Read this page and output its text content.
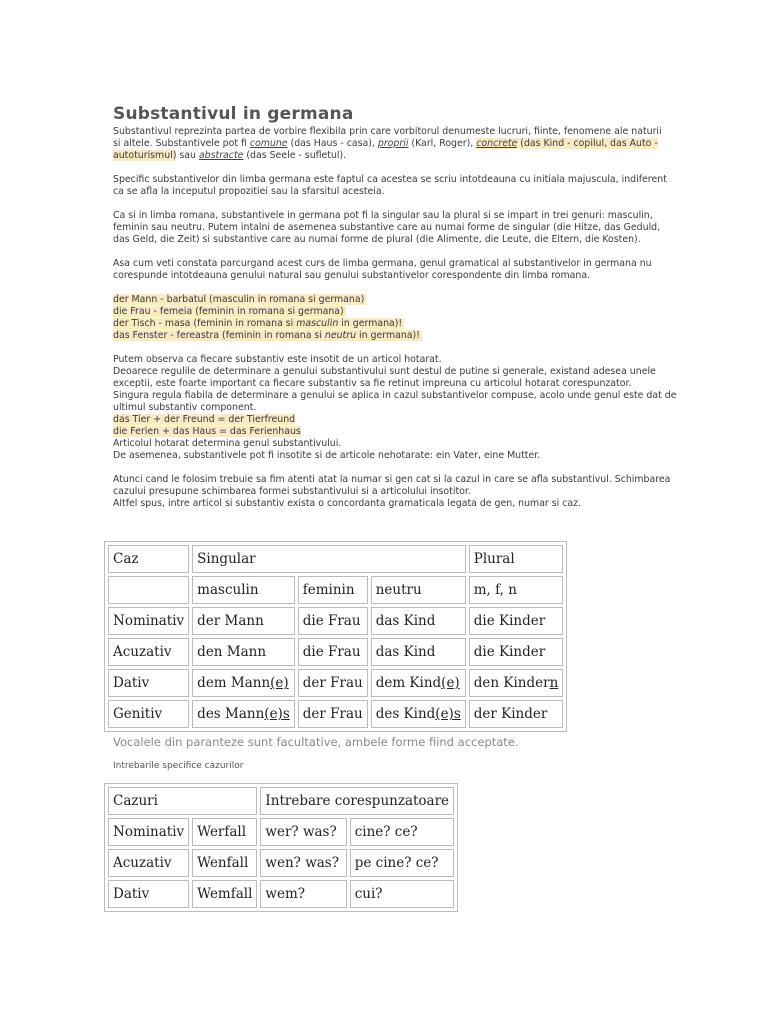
Substantivul in germana
Substantivul reprezinta partea de vorbire flexibila prin care vorbitorul denumeste lucruri, fiinte, fenomene ale naturii
si altele. Substantivele pot fi comune (das Haus - casa), proprii (Karl, Roger), concrete (das Kind - copilul, das Auto -
autoturismul) sau abstracte (das Seele - sufletul).
Specific substantivelor din limba germana este faptul ca acestea se scriu intotdeauna cu initiala majuscula, indiferent
ca se afla la inceputul propozitiei sau la sfarsitul acesteia.
Ca si in limba romana, substantivele in germana pot fi la singular sau la plural si se impart in trei genuri: masculin,
feminin sau neutru. Putem intalni de asemenea substantive care au numai forme de singular (die Hitze, das Geduld,
das Geld, die Zeit) si substantive care au numai forme de plural (die Alimente, die Leute, die Eltern, die Kosten).
Asa cum veti constata parcurgand acest curs de limba germana, genul gramatical al substantivelor in germana nu
corespunde intotdeauna genului natural sau genului substantivelor corespondente din limba romana.
der Mann - barbatul (masculin in romana si germana)
die Frau - femeia (feminin in romana si germana)
der Tisch - masa (feminin in romana si masculin in germana)!
das Fenster - fereastra (feminin in romana si neutru in germana)!
Putem observa ca fiecare substantiv este insotit de un articol hotarat.
Deoarece regulile de determinare a genului substantivului sunt destul de putine si generale, existand adesea unele
exceptii, este foarte important ca fiecare substantiv sa fie retinut impreuna cu articolul hotarat corespunzator.
Singura regula fiabila de determinare a genului se aplica in cazul substantivelor compuse, acolo unde genul este dat de
ultimul substantiv component.
das Tier + der Freund = der Tierfreund
die Ferien + das Haus = das Ferienhaus
Articolul hotarat determina genul substantivului.
De asemenea, substantivele pot fi insotite si de articole nehotarate: ein Vater, eine Mutter.
Atunci cand le folosim trebuie sa fim atenti atat la numar si gen cat si la cazul in care se afla substantivul. Schimbarea
cazului presupune schimbarea formei substantivului si a articolului insotitor.
Altfel spus, intre articol si substantiv exista o concordanta gramaticala legata de gen, numar si caz.
Caz	Singular			Plural
	masculin	feminin	neutru	m, f, n
Nominativ	der Mann	die Frau	das Kind	die Kinder
Acuzativ	den Mann	die Frau	das Kind	die Kinder
Dativ	dem Mann(e)	der Frau	dem Kind(e)	den Kindern
Genitiv	des Mann(e)s	der Frau	des Kind(e)s	der Kinder
Vocalele din paranteze sunt facultative, ambele forme fiind acceptate.
Intrebarile specifice cazurilor
Cazuri		Intrebare corespunzatoare	
Nominativ	Werfall	wer? was?	cine? ce?
Acuzativ	Wenfall	wen? was?	pe cine? ce?
Dativ	Wemfall	wem?	cui?
